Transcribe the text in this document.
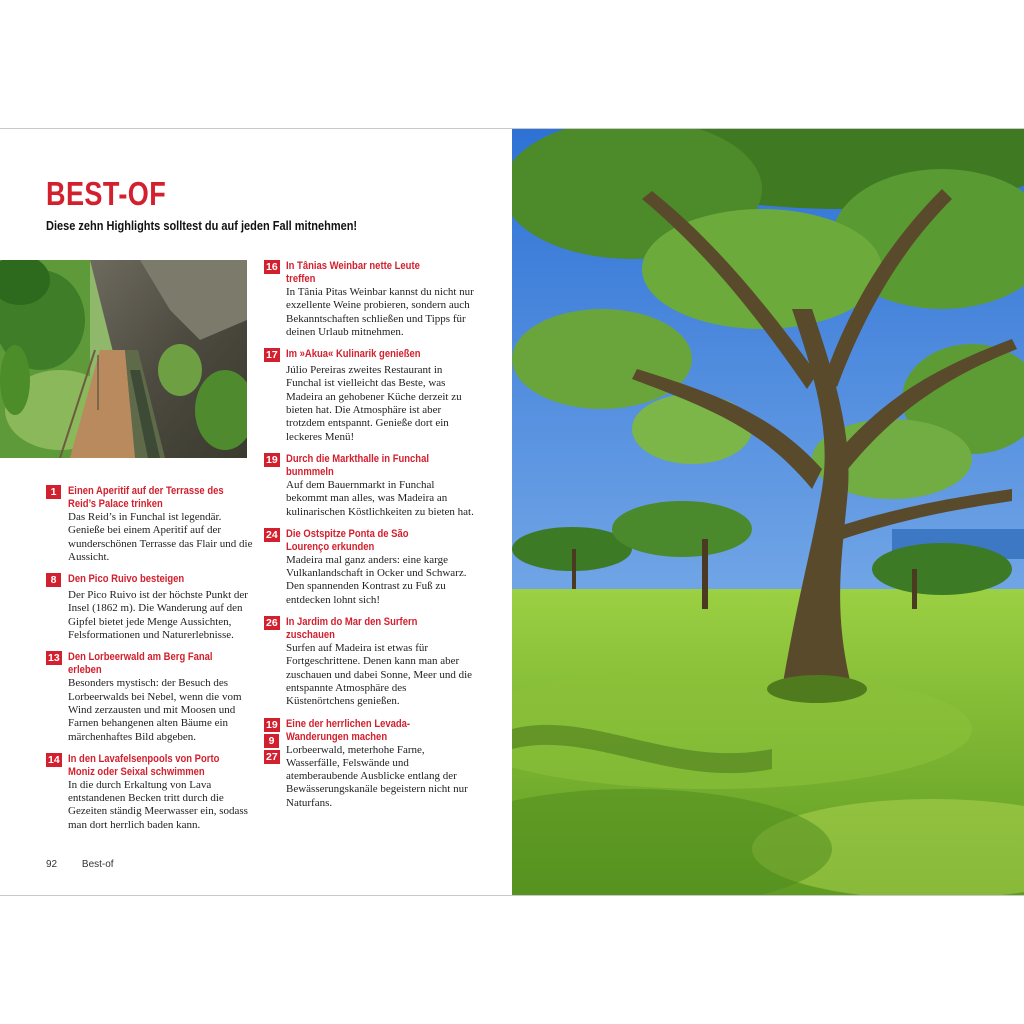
BEST-OF

Diese zehn Highlights solltest du auf jeden Fall mitnehmen!

1	Einen Aperitif auf der Terrasse des Reid’s Palace trinken

Das Reid’s in Funchal ist legendär. Genieße bei einem Aperitif auf der wunderschönen Terrasse das Flair und die Aussicht.

8	Den Pico Ruivo besteigen

Der Pico Ruivo ist der höchste Punkt der Insel (1862 m). Die Wanderung auf den Gipfel bietet jede Menge Aussichten, Felsformationen und Naturerlebnisse.

13 Den Lorbeerwald am Berg Fanal erleben

Besonders mystisch: der Besuch des Lorbeerwalds bei Nebel, wenn die vom Wind zerzausten und mit Moosen und Farnen behangenen alten Bäume ein märchenhaftes Bild abgeben.

14 In den Lavafelsenpools von Porto Moniz oder Seixal schwimmen

In die durch Erkaltung von Lava entstandenen Becken tritt durch die Gezeiten ständig Meerwasser ein, sodass man dort herrlich baden kann.

16 In Tânias Weinbar nette Leute treffen

In Tânia Pitas Weinbar kannst du nicht nur exzellente Weine probieren, sondern auch Bekanntschaften schließen und Tipps für deinen Urlaub mitnehmen.

17 Im »Akua« Kulinarik genießen

Júlio Pereiras zweites Restaurant in Funchal ist vielleicht das Beste, was Madeira an gehobener Küche derzeit zu bieten hat. Die Atmosphäre ist aber trotzdem entspannt. Genieße dort ein leckeres Menü!

19 Durch die Markthalle in Funchal bunmmeln

Auf dem Bauernmarkt in Funchal bekommt man alles, was Madeira an kulinarischen Köstlichkeiten zu bieten hat.

24 Die Ostspitze Ponta de São Lourenço erkunden

Madeira mal ganz anders: eine karge Vulkanlandschaft in Ocker und Schwarz. Den spannenden Kontrast zu Fuß zu entdecken lohnt sich!

26 In Jardim do Mar den Surfern zuschauen

Surfen auf Madeira ist etwas für Fortgeschrittene. Denen kann man aber zuschauen und dabei Sonne, Meer und die entspannte Atmosphäre des Küstenörtchens genießen.

19
9
27
Eine der herrlichen Levada-Wanderungen machen

Lorbeerwald, meterhohe Farne, Wasserfälle, Felswände und atemberaubende Ausblicke entlang der Bewässerungskanäle begeistern nicht nur Naturfans.

92 Best-of
